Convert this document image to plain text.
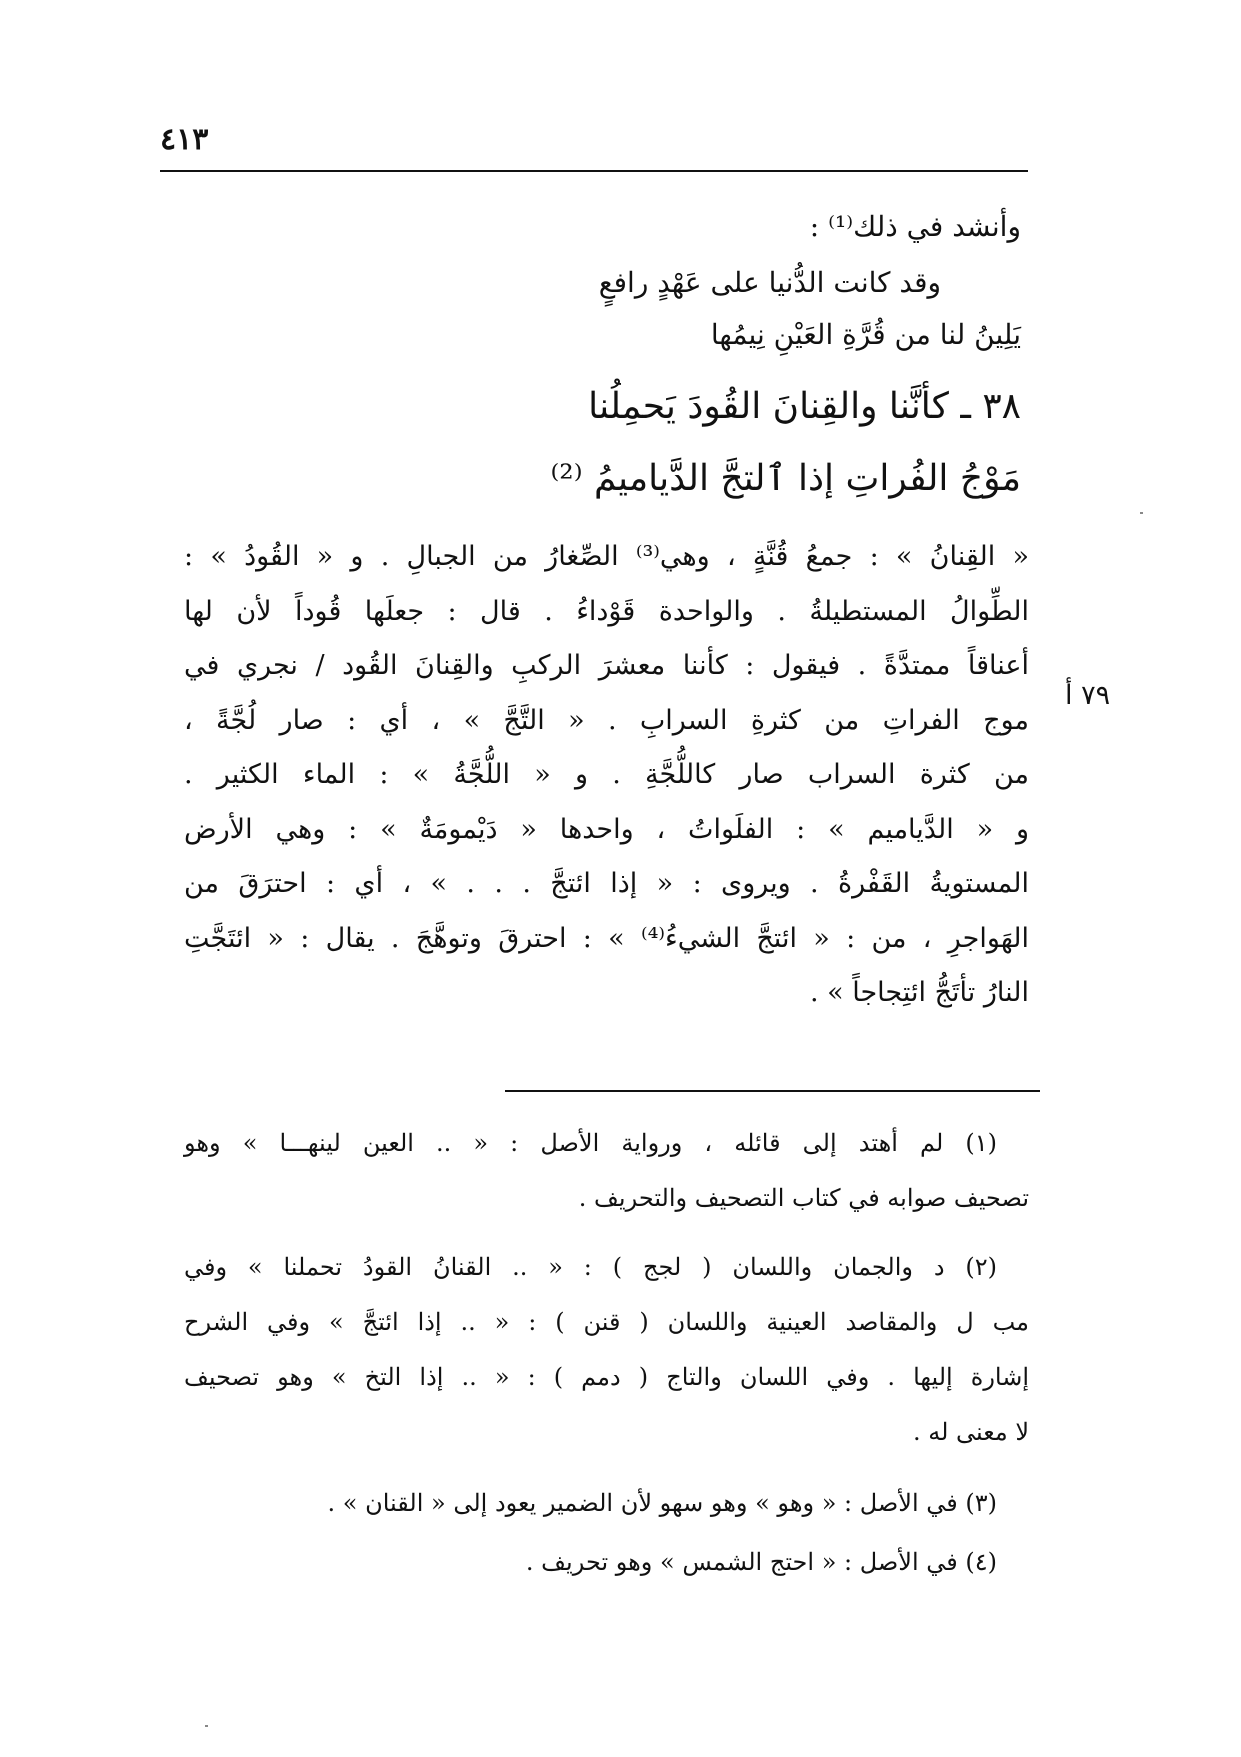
٤١٣
وأنشد في ذلك⁽¹⁾ :
وقد كانت الدُّنيا على عَهْدٍ رافعٍ
يَلِينُ لنا من قُرَّةِ العَيْنِ نِيمُها
٣٨ ـ كأنَّنا والقِنانَ القُودَ يَحمِلُنا
مَوْجُ الفُراتِ إذا ٱلتجَّ الدَّياميمُ ⁽²⁾
« القِنانُ » : جمعُ قُنَّةٍ ، وهي⁽³⁾ الصِّغارُ من الجبالِ . و « القُودُ » :
الطِّوالُ المستطيلةُ . والواحدة قَوْداءُ . قال : جعلَها قُوداً لأن لها
أعناقاً ممتدَّةً . فيقول : كأننا معشرَ الركبِ والقِنانَ القُود / نجري في
موج الفراتِ من كثرةِ السرابِ . « التَّجَّ » ، أي : صار لُجَّةً ،
من كثرة السراب صار كاللُّجَّةِ . و « اللُّجَّةُ » : الماء الكثير .
و « الدَّياميم » : الفلَواتُ ، واحدها « دَيْمومَةٌ » : وهي الأرض
المستويةُ القَفْرةُ . ويروى : « إذا ائتجَّ . . . » ، أي : احترَقَ من
الهَواجرِ ، من : « ائتجَّ الشيءُ⁽⁴⁾ » : احترقَ وتوهَّجَ . يقال : « ائتَجَّتِ
النارُ تأتَجُّ ائتِجاجاً » .
٧٩ أ
(١) لم أهتد إلى قائله ، ورواية الأصل : « .. العين لينهـــا » وهو
تصحيف صوابه في كتاب التصحيف والتحريف .
(٢) د والجمان واللسان ( لجج ) : « .. القنانُ القودُ تحملنا » وفي
مب ل والمقاصد العينية واللسان ( قنن ) : « .. إذا ائتجَّ » وفي الشرح
إشارة إليها . وفي اللسان والتاج ( دمم ) : « .. إذا التخ » وهو تصحيف
لا معنى له .
(٣) في الأصل : « وهو » وهو سهو لأن الضمير يعود إلى « القنان » .
(٤) في الأصل : « احتج الشمس » وهو تحريف .
